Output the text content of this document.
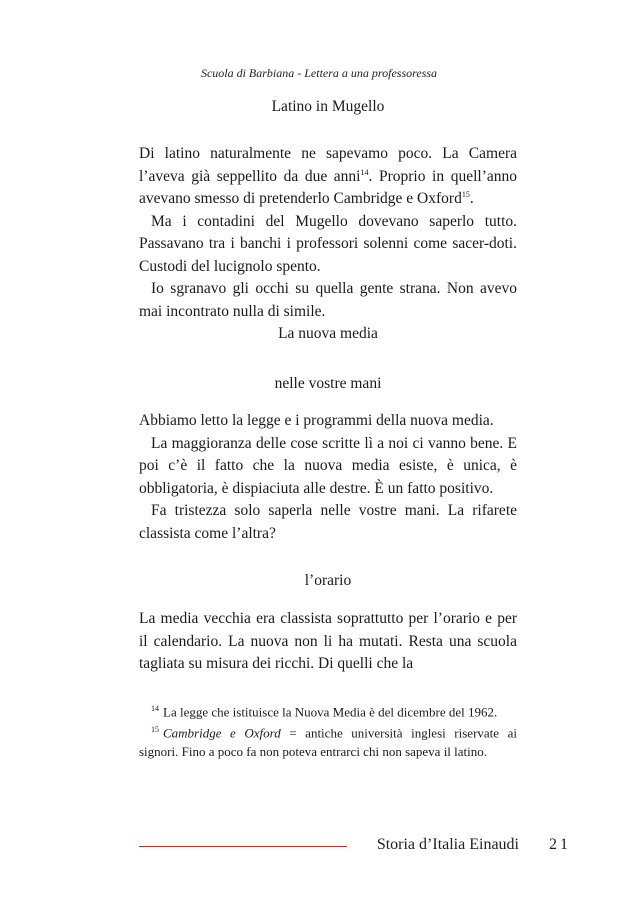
Scuola di Barbiana - Lettera a una professoressa
Latino in Mugello

Di latino naturalmente ne sapevamo poco. La Camera l’aveva già seppellito da due anni$^{14}$. Proprio in quell’anno avevano smesso di pretenderlo Cambridge e Oxford$^{15}$.

Ma i contadini del Mugello dovevano saperlo tutto. Passavano tra i banchi i professori solenni come sacer-doti. Custodi del lucignolo spento.

Io sgranavo gli occhi su quella gente strana. Non avevo mai incontrato nulla di simile.

La nuova media
nelle vostre mani

Abbiamo letto la legge e i programmi della nuova media.

La maggioranza delle cose scritte lì a noi ci vanno bene. E poi c’è il fatto che la nuova media esiste, è unica, è obbligatoria, è dispiaciuta alle destre. È un fatto positivo.

Fa tristezza solo saperla nelle vostre mani. La rifarete classista come l’altra?

l’orario

La media vecchia era classista soprattutto per l’orario e per il calendario. La nuova non li ha mutati. Resta una scuola tagliata su misura dei ricchi. Di quelli che la

$^{14}$ La legge che istituisce la Nuova Media è del dicembre del 1962.

$^{15}$ Cambridge e Oxford = antiche università inglesi riservate ai signori. Fino a poco fa non poteva entrarci chi non sapeva il latino.

Storia d’Italia Einaudi 21
